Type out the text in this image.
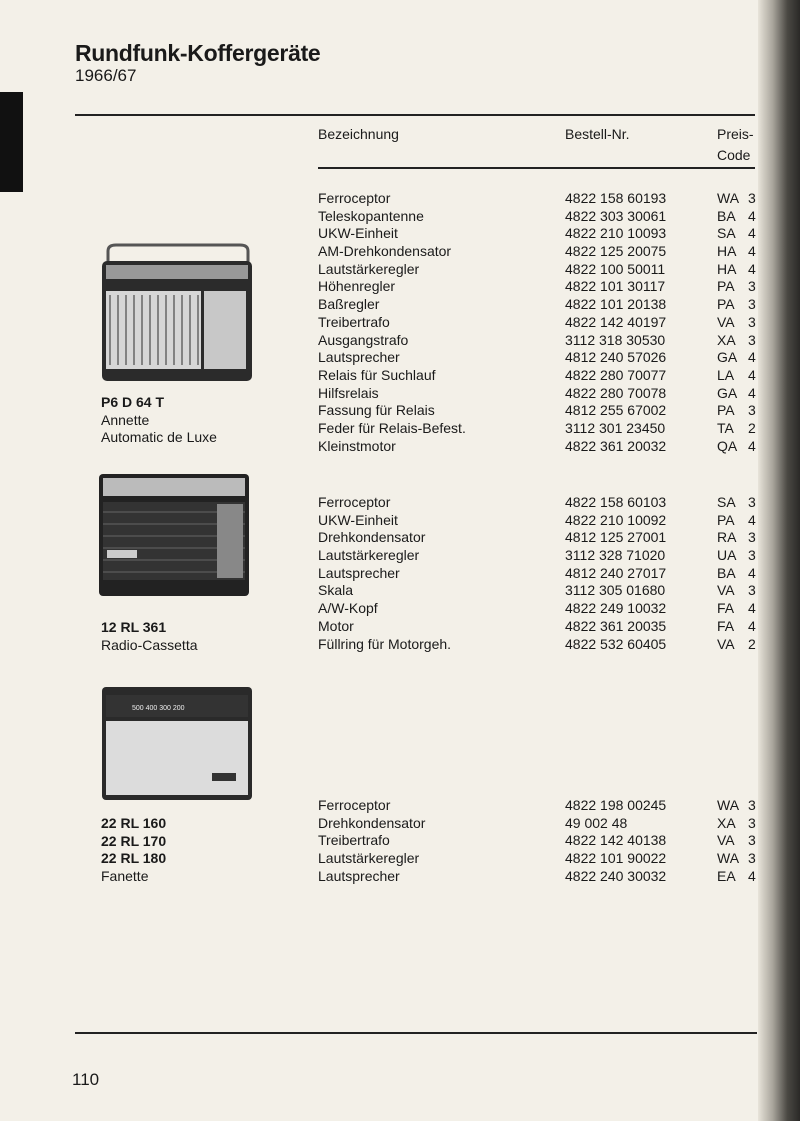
Rundfunk-Koffergeräte
1966/67
Bezeichnung	Bestell-Nr.	Preis-
Code
500 400 300 200
Ferroceptor	4822 158 60193	WA 3
Teleskopantenne	4822 303 30061	BA 4
UKW-Einheit	4822 210 10093	SA 4
AM-Drehkondensator	4822 125 20075	HA 4
Lautstärkeregler	4822 100 50011	HA 4
Höhenregler	4822 101 30117	PA 3
Baßregler	4822 101 20138	PA 3
Treibertrafo	4822 142 40197	VA 3
Ausgangstrafo	3112 318 30530	XA 3
Lautsprecher	4812 240 57026	GA 4
Relais für Suchlauf	4822 280 70077	LA 4
Hilfsrelais	4822 280 70078	GA 4
Fassung für Relais	4812 255 67002	PA 3
Feder für Relais-Befest.	3112 301 23450	TA 2
Kleinstmotor	4822 361 20032	QA 4
P6 D 64 T
Annette
Automatic de Luxe
Ferroceptor	4822 158 60103	SA 3
UKW-Einheit	4822 210 10092	PA 4
Drehkondensator	4812 125 27001	RA 3
Lautstärkeregler	3112 328 71020	UA 3
Lautsprecher	4812 240 27017	BA 4
Skala	3112 305 01680	VA 3
A/W-Kopf	4822 249 10032	FA 4
Motor	4822 361 20035	FA 4
Füllring für Motorgeh.	4822 532 60405	VA 2
12 RL 361
Radio-Cassetta
Ferroceptor	4822 198 00245	WA 3
Drehkondensator	49 002 48	XA 3
Treibertrafo	4822 142 40138	VA 3
Lautstärkeregler	4822 101 90022	WA 3
Lautsprecher	4822 240 30032	EA 4
22 RL 160
22 RL 170
22 RL 180
Fanette
110
